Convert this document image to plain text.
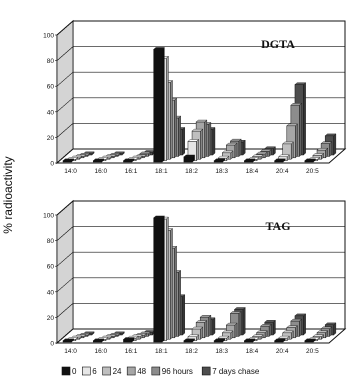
% radioactivity	0
20
40
60
80
100
14:0	16:0	16:1	18:1	18:2	18:3	18:4	20:4	20:5
DGTA
0
20
40
60
80
100
14:0	16:0	16:1	18:1	18:2	18:3	18:4	20:4	20:5
TAG
0 6 24 48 96 hours 7 days chase
